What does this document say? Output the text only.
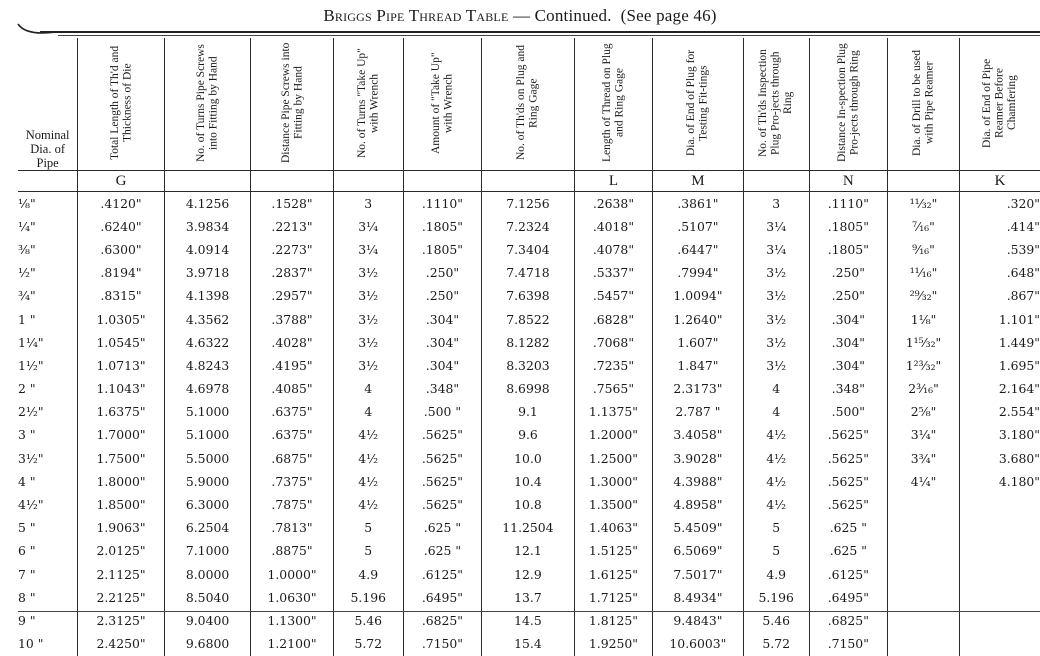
Briggs Pipe Thread Table — Continued. (See page 46)
Nominal Dia. of Pipe	Total Length of Th'd and Thickness of Die	No. of Turns Pipe Screws into Fitting by Hand	Distance Pipe Screws into Fitting by Hand	No. of Turns "Take Up" with Wrench	Amount of "Take Up" with Wrench	No. of Th'ds on Plug and Ring Gage	Length of Thread on Plug and Ring Gage	Dia. of End of Plug for Testing Fit-tings	No. of Th'ds Inspection Plug Pro-jects through Ring	Distance In-spection Plug Pro-jects through Ring	Dia. of Drill to be used with Pipe Reamer	Dia. of End of Pipe Reamer Before Chamfering

	G						L	M		N		K
⅛"	.4120"	4.1256	.1528"	3	.1110"	7.1256	.2638"	.3861"	3	.1110"	¹¹⁄₃₂"	.320"
¼"	.6240"	3.9834	.2213"	3¼	.1805"	7.2324	.4018"	.5107"	3¼	.1805"	⁷⁄₁₆"	.414"
⅜"	.6300"	4.0914	.2273"	3¼	.1805"	7.3404	.4078"	.6447"	3¼	.1805"	⁹⁄₁₆"	.539"
½"	.8194"	3.9718	.2837"	3½	.250"	7.4718	.5337"	.7994"	3½	.250"	¹¹⁄₁₆"	.648"
¾"	.8315"	4.1398	.2957"	3½	.250"	7.6398	.5457"	1.0094"	3½	.250"	²⁹⁄₃₂"	.867"
1 "	1.0305"	4.3562	.3788"	3½	.304"	7.8522	.6828"	1.2640"	3½	.304"	1⅛"	1.101"
1¼"	1.0545"	4.6322	.4028"	3½	.304"	8.1282	.7068"	1.607"	3½	.304"	1¹⁵⁄₃₂"	1.449"
1½"	1.0713"	4.8243	.4195"	3½	.304"	8.3203	.7235"	1.847"	3½	.304"	1²³⁄₃₂"	1.695"
2 "	1.1043"	4.6978	.4085"	4	.348"	8.6998	.7565"	2.3173"	4	.348"	2³⁄₁₆"	2.164"
2½"	1.6375"	5.1000	.6375"	4	.500 "	9.1	1.1375"	2.787 "	4	.500"	2⅝"	2.554"
3 "	1.7000"	5.1000	.6375"	4½	.5625"	9.6	1.2000"	3.4058"	4½	.5625"	3¼"	3.180"
3½"	1.7500"	5.5000	.6875"	4½	.5625"	10.0	1.2500"	3.9028"	4½	.5625"	3¾"	3.680"
4 "	1.8000"	5.9000	.7375"	4½	.5625"	10.4	1.3000"	4.3988"	4½	.5625"	4¼"	4.180"
4½"	1.8500"	6.3000	.7875"	4½	.5625"	10.8	1.3500"	4.8958"	4½	.5625"		
5 "	1.9063"	6.2504	.7813"	5	.625 "	11.2504	1.4063"	5.4509"	5	.625 "		
6 "	2.0125"	7.1000	.8875"	5	.625 "	12.1	1.5125"	6.5069"	5	.625 "		
7 "	2.1125"	8.0000	1.0000"	4.9	.6125"	12.9	1.6125"	7.5017"	4.9	.6125"		
8 "	2.2125"	8.5040	1.0630"	5.196	.6495"	13.7	1.7125"	8.4934"	5.196	.6495"		
9 "	2.3125"	9.0400	1.1300"	5.46	.6825"	14.5	1.8125"	9.4843"	5.46	.6825"		
10 "	2.4250"	9.6800	1.2100"	5.72	.7150"	15.4	1.9250"	10.6003"	5.72	.7150"		
